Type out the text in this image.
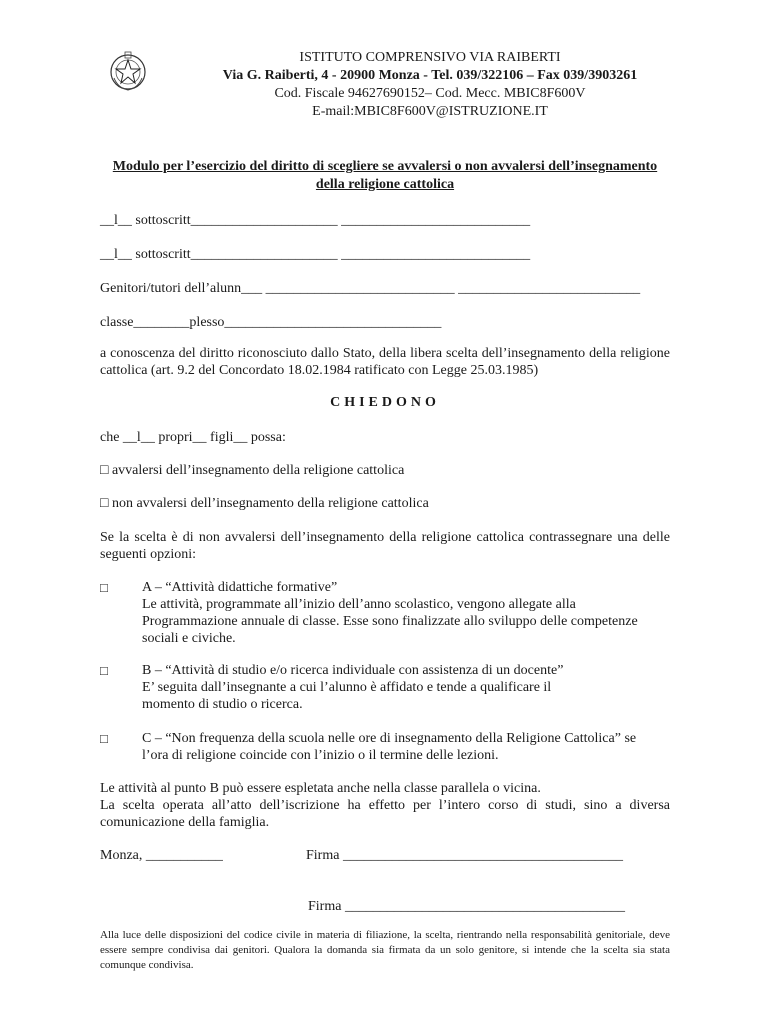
ISTITUTO COMPRENSIVO VIA RAIBERTI
Via G. Raiberti, 4 - 20900 Monza - Tel. 039/322106 – Fax 039/3903261
Cod. Fiscale 94627690152– Cod. Mecc. MBIC8F600V
E-mail:MBIC8F600V@ISTRUZIONE.IT
Modulo per l’esercizio del diritto di scegliere se avvalersi o non avvalersi dell’insegnamento della religione cattolica
__l__ sottoscritt_____________________ ___________________________
__l__ sottoscritt_____________________ ___________________________
Genitori/tutori dell’alunn___ ___________________________ __________________________
classe________plesso_______________________________
a conoscenza del diritto riconosciuto dallo Stato, della libera scelta dell’insegnamento della religione cattolica (art. 9.2 del Concordato 18.02.1984 ratificato con Legge 25.03.1985)
CHIEDONO
che __l__ propri__ figli__ possa:
□ avvalersi dell’insegnamento della religione cattolica
□ non avvalersi dell’insegnamento della religione cattolica
Se la scelta è di non avvalersi dell’insegnamento della religione cattolica contrassegnare una delle seguenti opzioni:
□ A – “Attività didattiche formative”
Le attività, programmate all’inizio dell’anno scolastico, vengono allegate alla
Programmazione annuale di classe. Esse sono finalizzate allo sviluppo delle competenze
sociali e civiche.
□ B – “Attività di studio e/o ricerca individuale con assistenza di un docente”
E’ seguita dall’insegnante a cui l’alunno è affidato e tende a qualificare il
momento di studio o ricerca.
□ C – “Non frequenza della scuola nelle ore di insegnamento della Religione Cattolica” se
l’ora di religione coincide con l’inizio o il termine delle lezioni.
Le attività al punto B può essere espletata anche nella classe parallela o vicina.
La scelta operata all’atto dell’iscrizione ha effetto per l’intero corso di studi, sino a diversa comunicazione della famiglia.
Monza, ___________	Firma ________________________________________
Firma ________________________________________
Alla luce delle disposizioni del codice civile in materia di filiazione, la scelta, rientrando nella responsabilità genitoriale, deve essere sempre condivisa dai genitori. Qualora la domanda sia firmata da un solo genitore, si intende che la scelta sia stata comunque condivisa.
